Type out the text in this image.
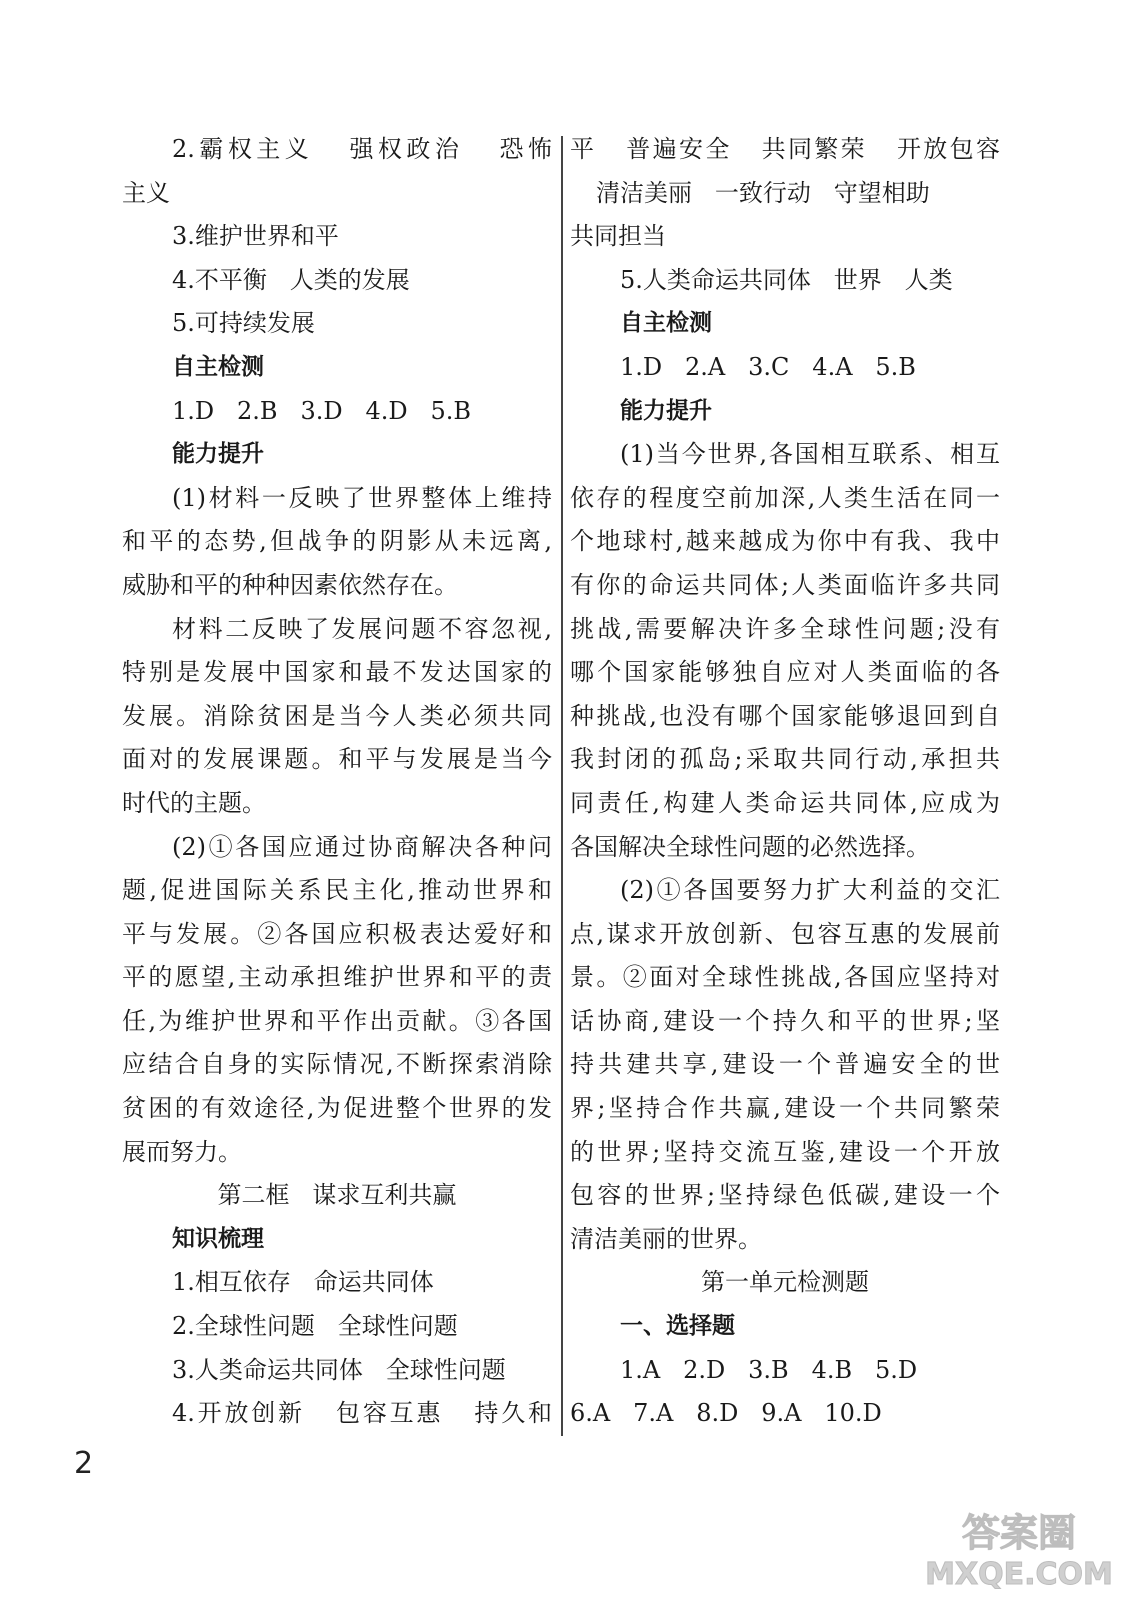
2.霸权主义   强权政治   恐怖
主义
3.维护世界和平
4.不平衡   人类的发展
5.可持续发展
自主检测
1.D   2.B   3.D   4.D   5.B
能力提升
(1)材料一反映了世界整体上维持
和平的态势,但战争的阴影从未远离,
威胁和平的种种因素依然存在。
材料二反映了发展问题不容忽视,
特别是发展中国家和最不发达国家的
发展。消除贫困是当今人类必须共同
面对的发展课题。和平与发展是当今
时代的主题。
(2)①各国应通过协商解决各种问
题,促进国际关系民主化,推动世界和
平与发展。②各国应积极表达爱好和
平的愿望,主动承担维护世界和平的责
任,为维护世界和平作出贡献。③各国
应结合自身的实际情况,不断探索消除
贫困的有效途径,为促进整个世界的发
展而努力。
第二框   谋求互利共赢
知识梳理
1.相互依存   命运共同体
2.全球性问题   全球性问题
3.人类命运共同体   全球性问题
4.开放创新   包容互惠   持久和
平   普遍安全   共同繁荣   开放包容
清洁美丽   一致行动   守望相助
共同担当
5.人类命运共同体   世界   人类
自主检测
1.D   2.A   3.C   4.A   5.B
能力提升
(1)当今世界,各国相互联系、相互
依存的程度空前加深,人类生活在同一
个地球村,越来越成为你中有我、我中
有你的命运共同体;人类面临许多共同
挑战,需要解决许多全球性问题;没有
哪个国家能够独自应对人类面临的各
种挑战,也没有哪个国家能够退回到自
我封闭的孤岛;采取共同行动,承担共
同责任,构建人类命运共同体,应成为
各国解决全球性问题的必然选择。
(2)①各国要努力扩大利益的交汇
点,谋求开放创新、包容互惠的发展前
景。②面对全球性挑战,各国应坚持对
话协商,建设一个持久和平的世界;坚
持共建共享,建设一个普遍安全的世
界;坚持合作共赢,建设一个共同繁荣
的世界;坚持交流互鉴,建设一个开放
包容的世界;坚持绿色低碳,建设一个
清洁美丽的世界。
第一单元检测题
一、选择题
1.A   2.D   3.B   4.B   5.D
6.A   7.A   8.D   9.A   10.D
2
答案圈
MXQE.COM
